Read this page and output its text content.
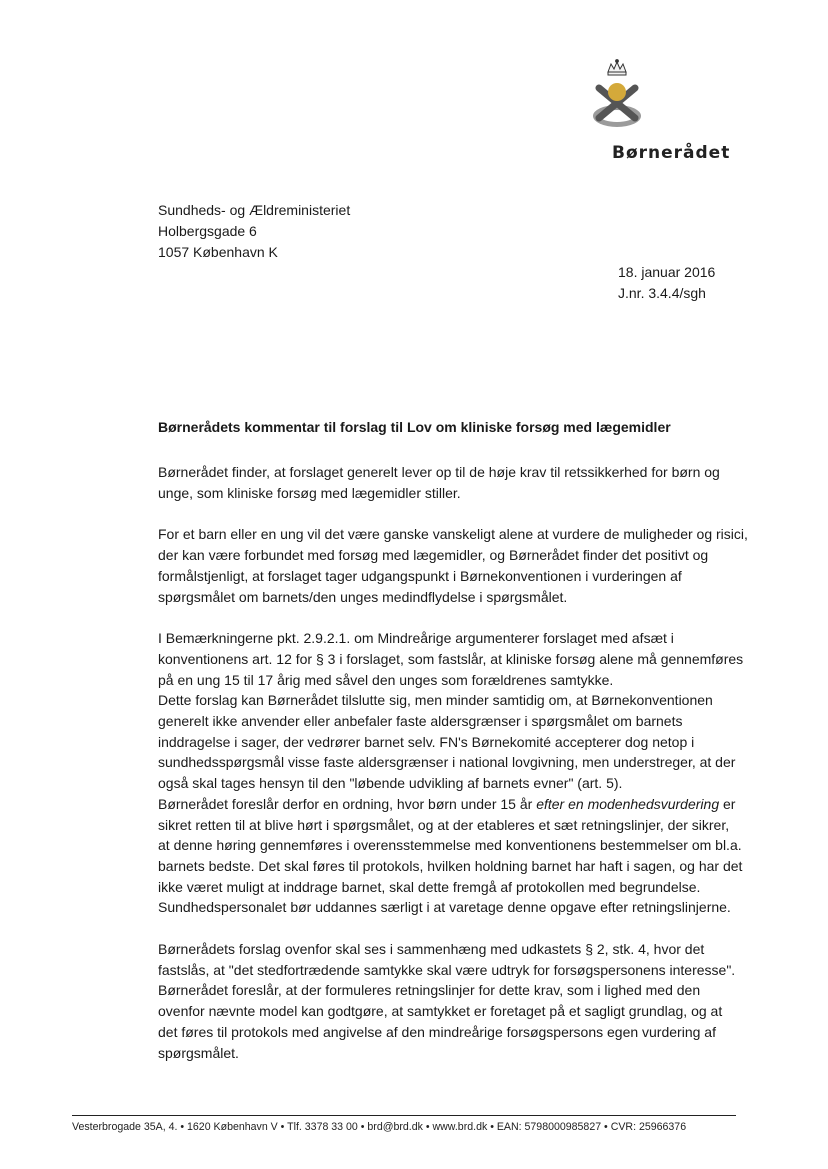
Børnerådet
Sundheds- og Ældreministeriet
Holbergsgade 6
1057 København K
18. januar 2016
J.nr. 3.4.4/sgh
Børnerådets kommentar til forslag til Lov om kliniske forsøg med lægemidler

Børnerådet finder, at forslaget generelt lever op til de høje krav til retssikkerhed for børn og
unge, som kliniske forsøg med lægemidler stiller.

For et barn eller en ung vil det være ganske vanskeligt alene at vurdere de muligheder og risici,
der kan være forbundet med forsøg med lægemidler, og Børnerådet finder det positivt og
formålstjenligt, at forslaget tager udgangspunkt i Børnekonventionen i vurderingen af
spørgsmålet om barnets/den unges medindflydelse i spørgsmålet.

I Bemærkningerne pkt. 2.9.2.1. om Mindreårige argumenterer forslaget med afsæt i
konventionens art. 12 for § 3 i forslaget, som fastslår, at kliniske forsøg alene må gennemføres
på en ung 15 til 17 årig med såvel den unges som forældrenes samtykke.
Dette forslag kan Børnerådet tilslutte sig, men minder samtidig om, at Børnekonventionen
generelt ikke anvender eller anbefaler faste aldersgrænser i spørgsmålet om barnets
inddragelse i sager, der vedrører barnet selv. FN's Børnekomité accepterer dog netop i
sundhedsspørgsmål visse faste aldersgrænser i national lovgivning, men understreger, at der
også skal tages hensyn til den "løbende udvikling af barnets evner" (art. 5).
Børnerådet foreslår derfor en ordning, hvor børn under 15 år efter en modenhedsvurdering er
sikret retten til at blive hørt i spørgsmålet, og at der etableres et sæt retningslinjer, der sikrer,
at denne høring gennemføres i overensstemmelse med konventionens bestemmelser om bl.a.
barnets bedste. Det skal føres til protokols, hvilken holdning barnet har haft i sagen, og har det
ikke været muligt at inddrage barnet, skal dette fremgå af protokollen med begrundelse.
Sundhedspersonalet bør uddannes særligt i at varetage denne opgave efter retningslinjerne.

Børnerådets forslag ovenfor skal ses i sammenhæng med udkastets § 2, stk. 4, hvor det
fastslås, at "det stedfortrædende samtykke skal være udtryk for forsøgspersonens interesse".
Børnerådet foreslår, at der formuleres retningslinjer for dette krav, som i lighed med den
ovenfor nævnte model kan godtgøre, at samtykket er foretaget på et sagligt grundlag, og at
det føres til protokols med angivelse af den mindreårige forsøgspersons egen vurdering af
spørgsmålet.

Vesterbrogade 35A, 4. • 1620 København V • Tlf. 3378 33 00 • brd@brd.dk • www.brd.dk • EAN: 5798000985827 • CVR: 25966376
